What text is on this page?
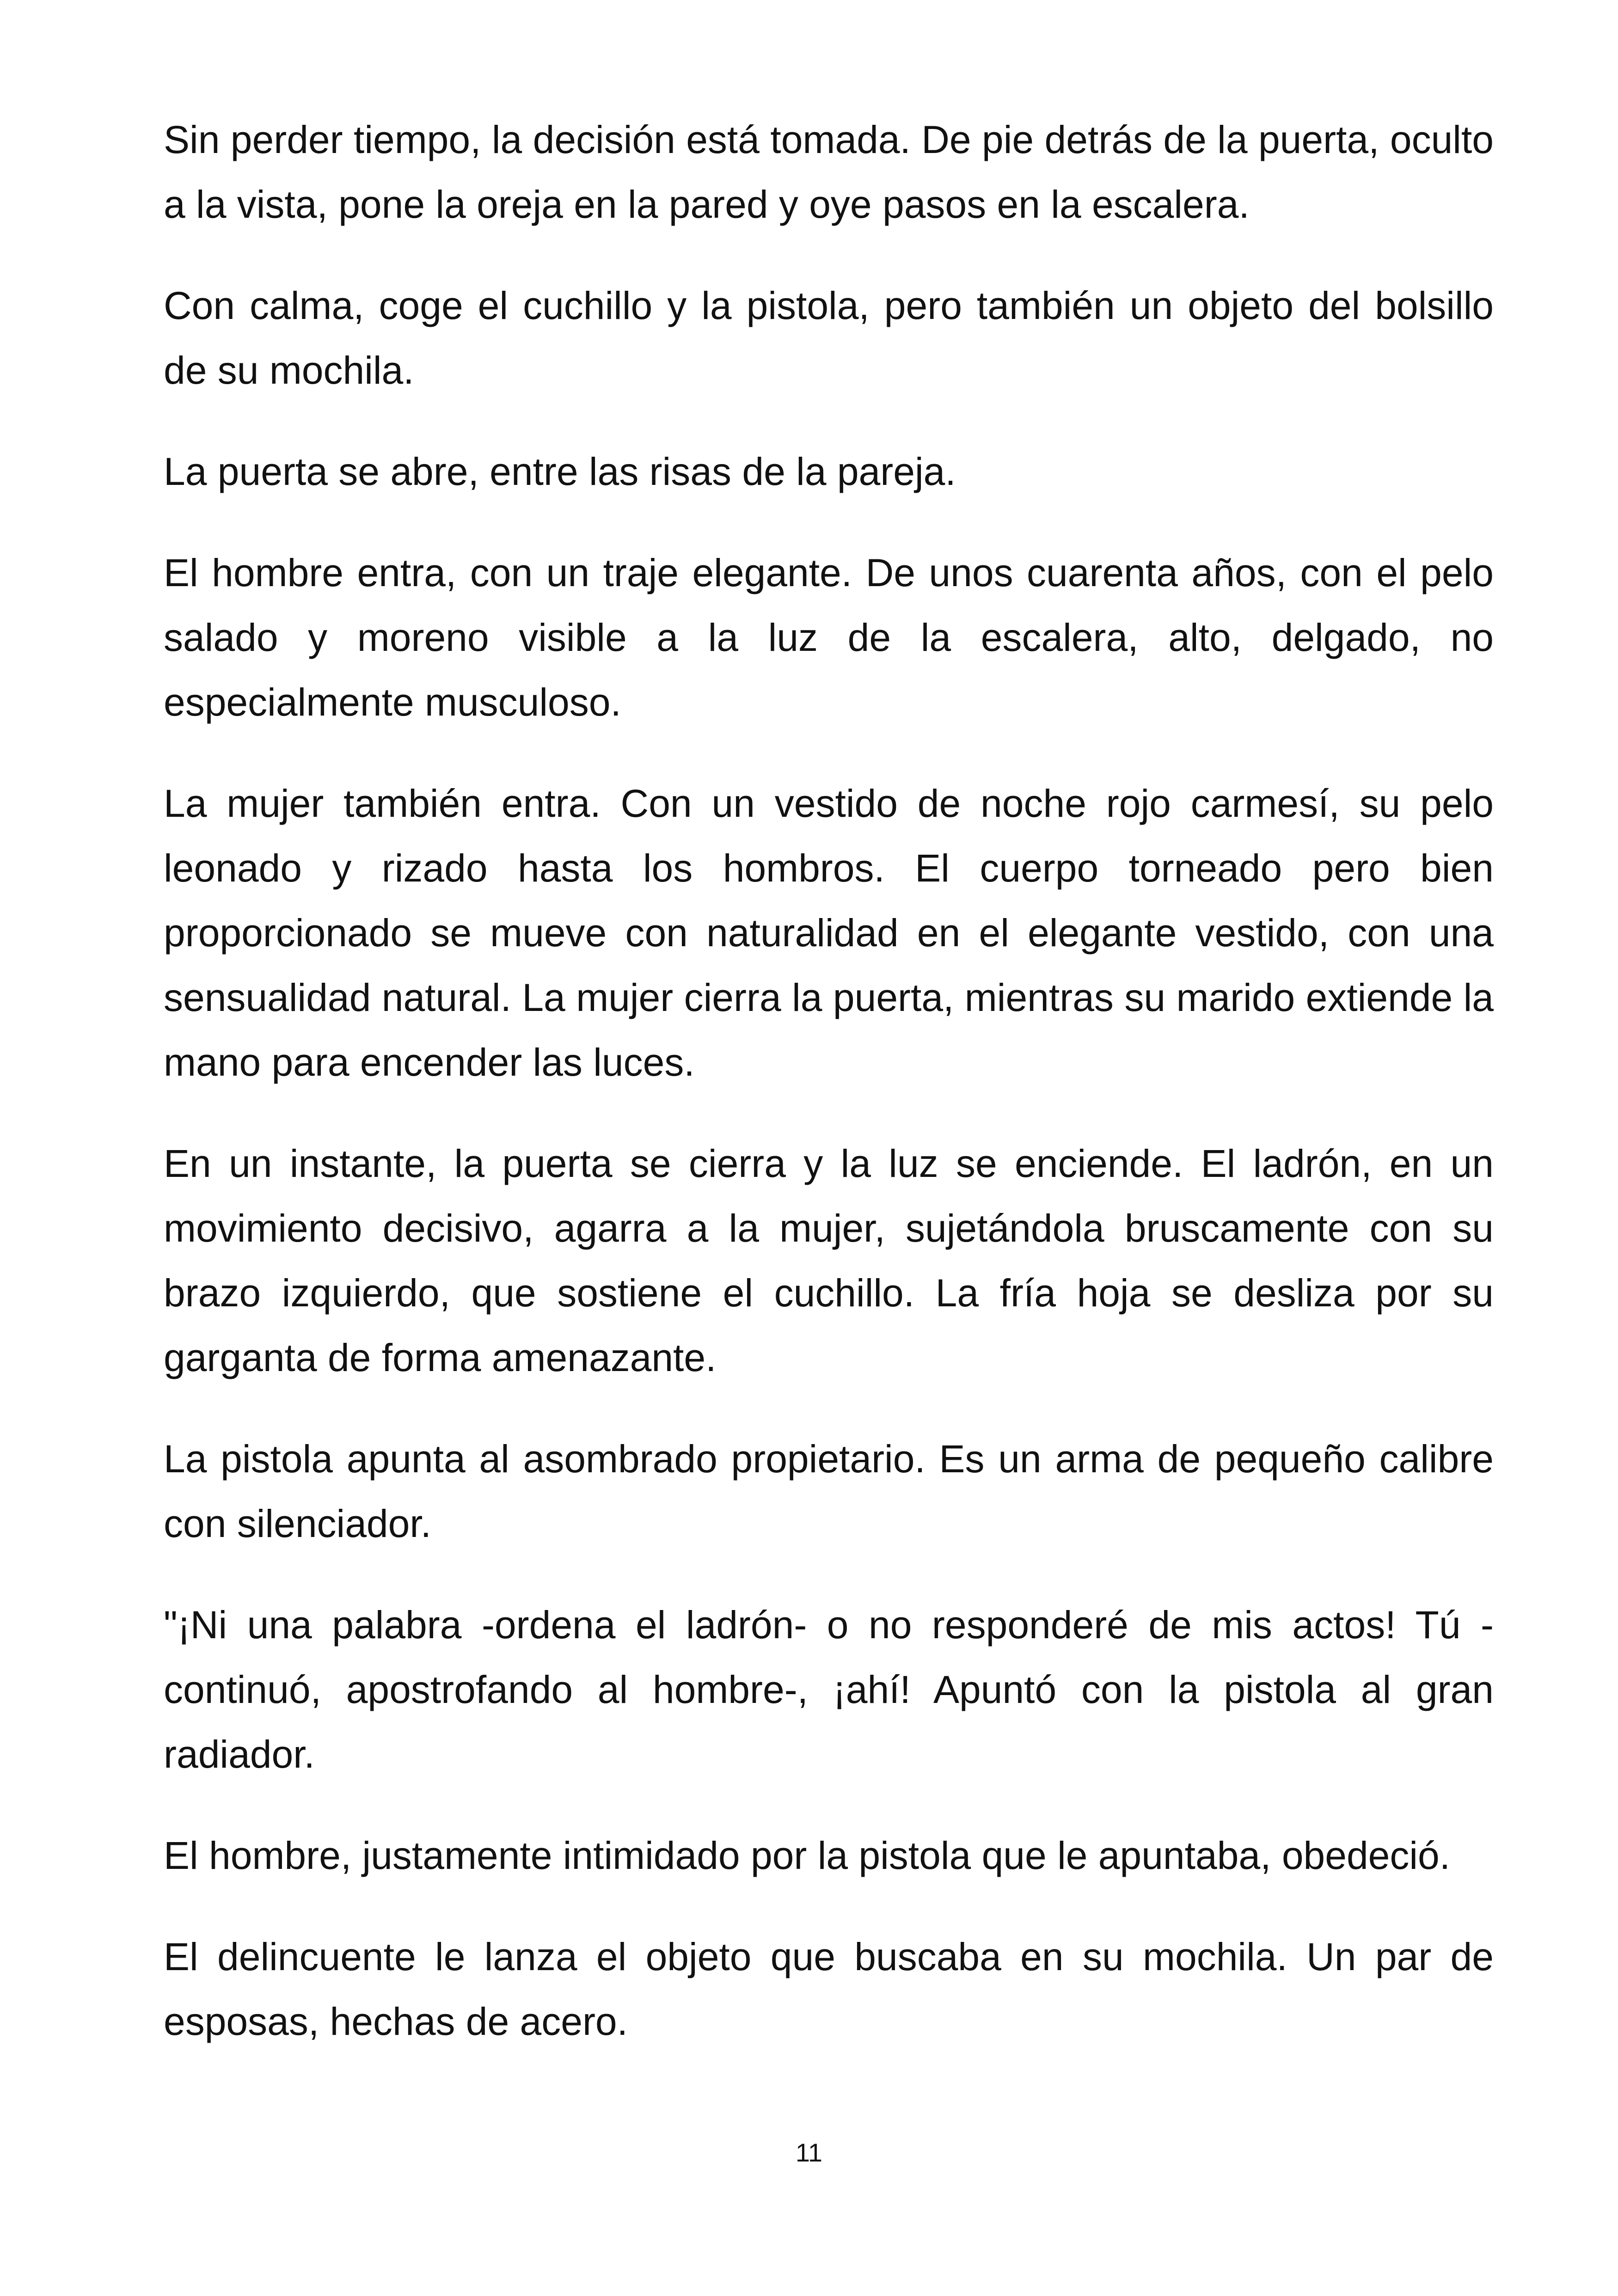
Sin perder tiempo, la decisión está tomada. De pie detrás de la puerta, oculto a la vista, pone la oreja en la pared y oye pasos en la escalera.

Con calma, coge el cuchillo y la pistola, pero también un objeto del bolsillo de su mochila.

La puerta se abre, entre las risas de la pareja.

El hombre entra, con un traje elegante. De unos cuarenta años, con el pelo salado y moreno visible a la luz de la escalera, alto, delgado, no especialmente musculoso.

La mujer también entra. Con un vestido de noche rojo carmesí, su pelo leonado y rizado hasta los hombros. El cuerpo torneado pero bien proporcionado se mueve con naturalidad en el elegante vestido, con una sensualidad natural. La mujer cierra la puerta, mientras su marido extiende la mano para encender las luces.

En un instante, la puerta se cierra y la luz se enciende. El ladrón, en un movimiento decisivo, agarra a la mujer, sujetándola bruscamente con su brazo izquierdo, que sostiene el cuchillo. La fría hoja se desliza por su garganta de forma amenazante.

La pistola apunta al asombrado propietario. Es un arma de pequeño calibre con silenciador.

"¡Ni una palabra -ordena el ladrón- o no responderé de mis actos! Tú -continuó, apostrofando al hombre-, ¡ahí! Apuntó con la pistola al gran radiador.

El hombre, justamente intimidado por la pistola que le apuntaba, obedeció.

El delincuente le lanza el objeto que buscaba en su mochila. Un par de esposas, hechas de acero.

11
